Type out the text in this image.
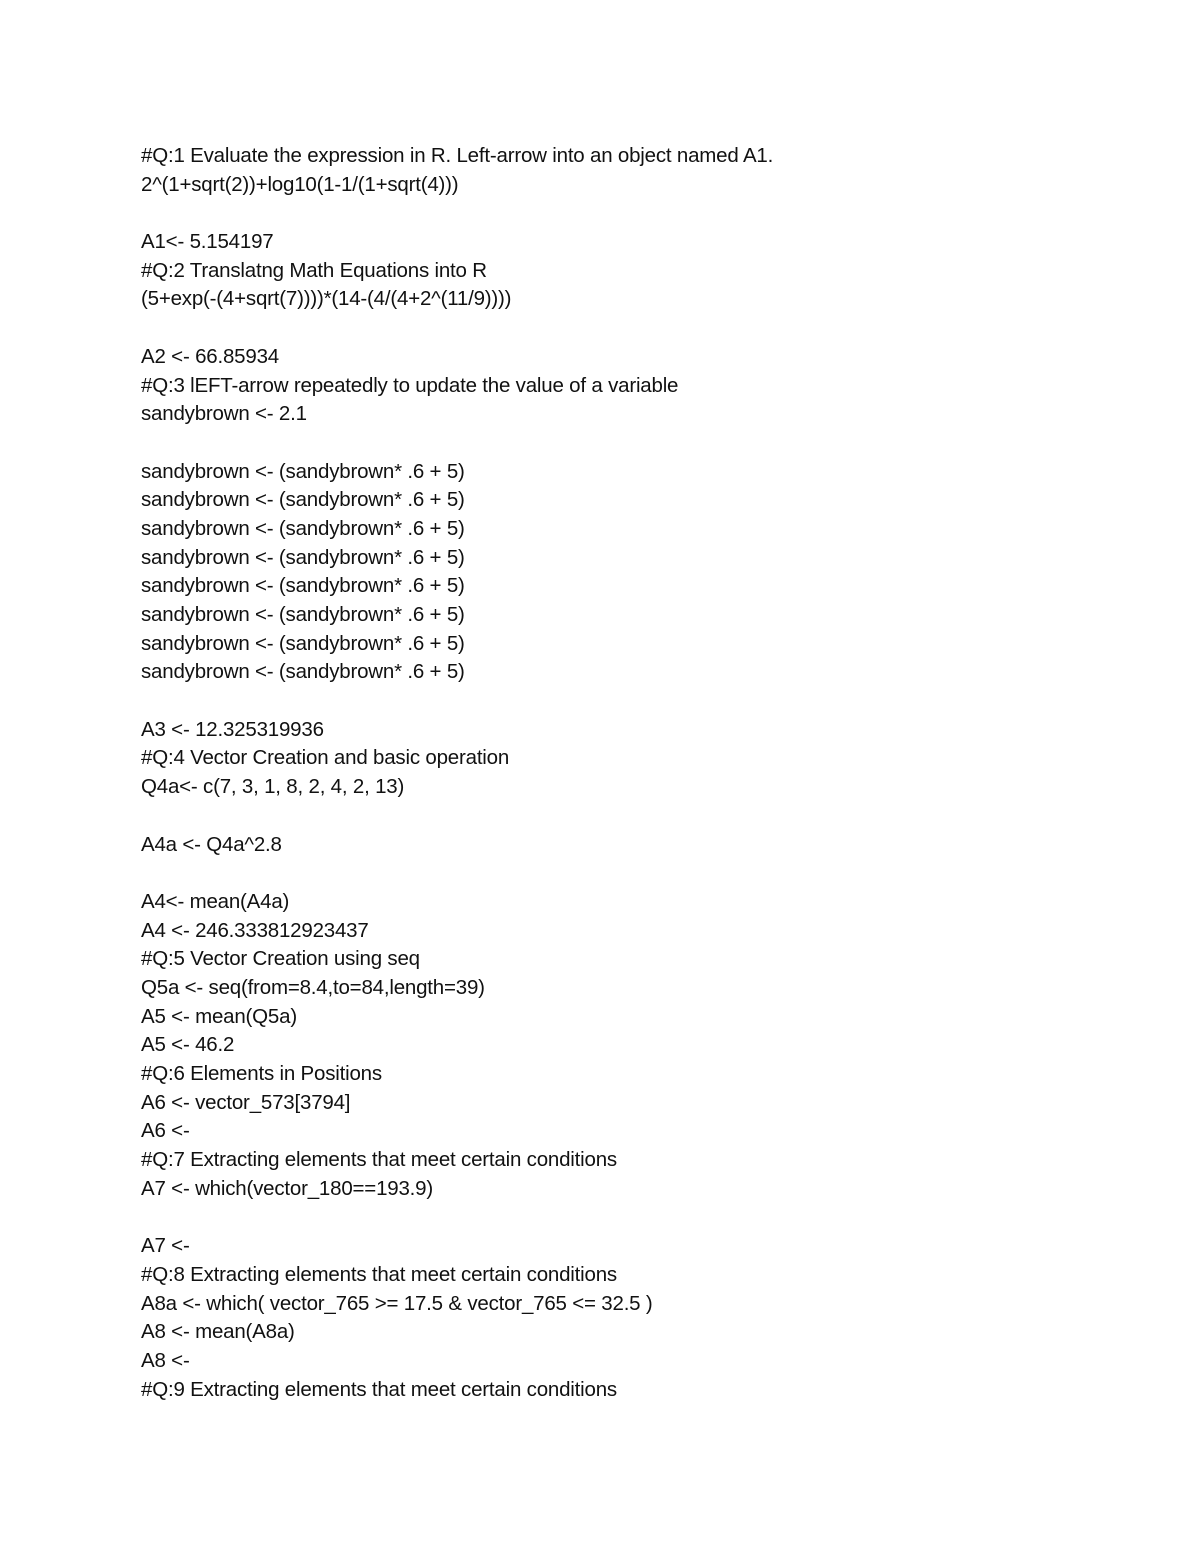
#Q:1 Evaluate the expression in R. Left-arrow into an object named A1.
2^(1+sqrt(2))+log10(1-1/(1+sqrt(4)))
A1<- 5.154197
#Q:2 Translatng Math Equations into R
(5+exp(-(4+sqrt(7))))*(14-(4/(4+2^(11/9))))
A2 <- 66.85934
#Q:3 lEFT-arrow repeatedly to update the value of a variable
sandybrown <- 2.1
sandybrown <- (sandybrown* .6 + 5)
sandybrown <- (sandybrown* .6 + 5)
sandybrown <- (sandybrown* .6 + 5)
sandybrown <- (sandybrown* .6 + 5)
sandybrown <- (sandybrown* .6 + 5)
sandybrown <- (sandybrown* .6 + 5)
sandybrown <- (sandybrown* .6 + 5)
sandybrown <- (sandybrown* .6 + 5)
A3 <- 12.325319936
#Q:4 Vector Creation and basic operation
Q4a<- c(7, 3, 1, 8, 2, 4, 2, 13)
A4a <- Q4a^2.8
A4<- mean(A4a)
A4 <- 246.333812923437
#Q:5 Vector Creation using seq
Q5a <- seq(from=8.4,to=84,length=39)
A5 <- mean(Q5a)
A5 <- 46.2
#Q:6 Elements in Positions
A6 <- vector_573[3794]
A6 <-
#Q:7 Extracting elements that meet certain conditions
A7 <- which(vector_180==193.9)
A7 <-
#Q:8 Extracting elements that meet certain conditions
A8a <- which( vector_765 >= 17.5 & vector_765 <= 32.5 )
A8 <- mean(A8a)
A8 <-
#Q:9 Extracting elements that meet certain conditions
